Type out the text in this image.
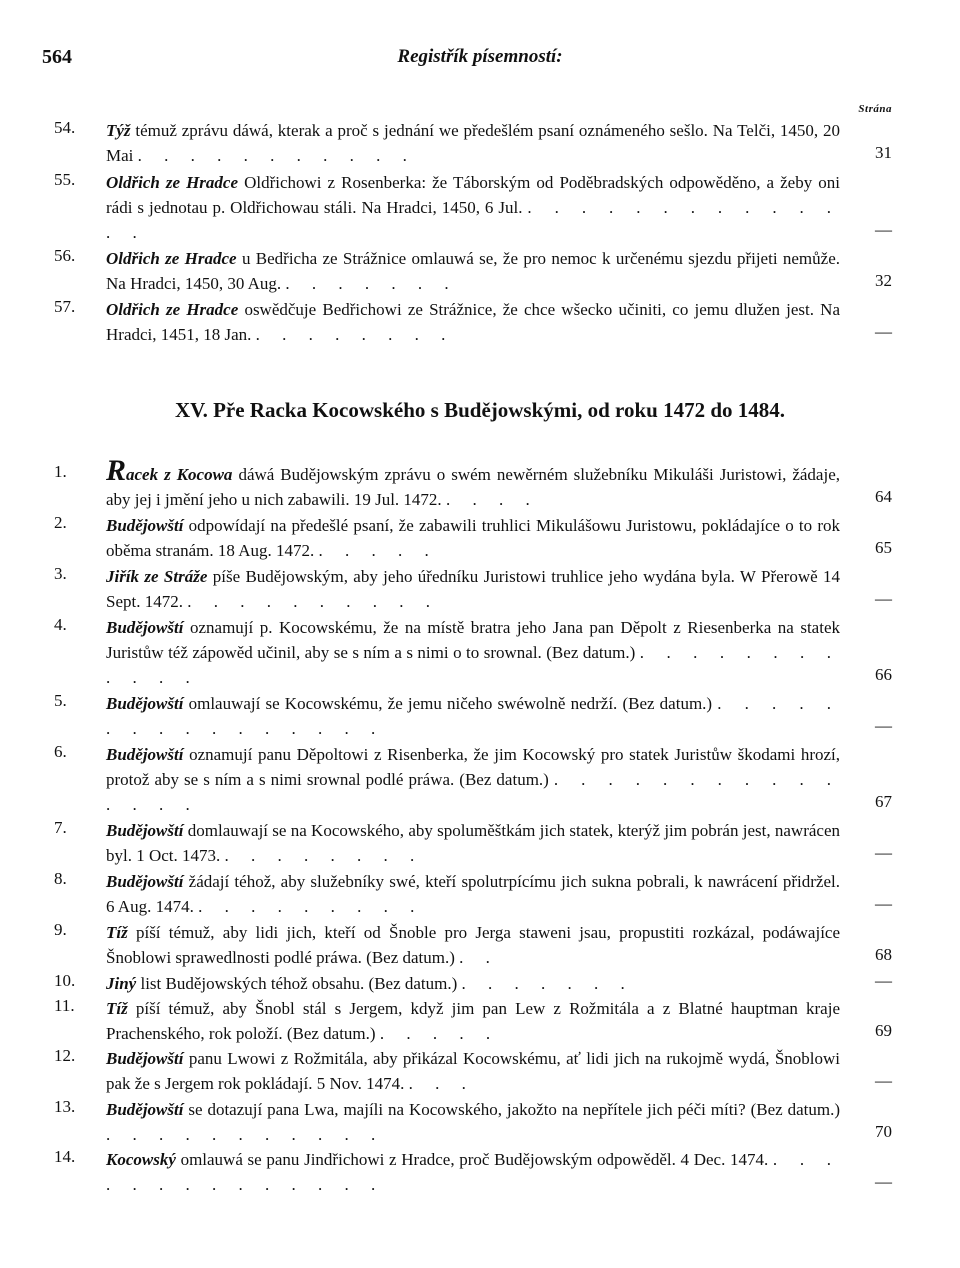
564	Registřík písemností:
Strána
54.	Týž témuž zprávu dáwá, kterak a proč s jednání we předešlém psaní oznámeného sešlo. Na Telči, 1450, 20 Mai . . . . . . . . . . .	31
55.	Oldřich ze Hradce Oldřichowi z Rosenberka: že Táborským od Poděbradských odpowěděno, a žeby oni rádi s jednotau p. Oldřichowau stáli. Na Hradci, 1450, 6 Jul. . . . . . . . . . . . . . .	—
56.	Oldřich ze Hradce u Bedřicha ze Strážnice omlauwá se, že pro nemoc k určenému sjezdu přijeti nemůže. Na Hradci, 1450, 30 Aug. . . . . . . .	32
57.	Oldřich ze Hradce oswědčuje Bedřichowi ze Strážnice, že chce wšecko učiniti, co jemu dlužen jest. Na Hradci, 1451, 18 Jan. . . . . . . . .	—
XV. Pře Racka Kocowského s Budějowskými, od roku 1472 do 1484.
1.	Racek z Kocowa dáwá Budějowským zprávu o swém newěrném služebníku Mikuláši Juristowi, žádaje, aby jej i jmění jeho u nich zabawili. 19 Jul. 1472. . . . .	64
2.	Budějowští odpowídají na předešlé psaní, že zabawili truhlici Mikulášowu Juristowu, pokládajíce o to rok oběma stranám. 18 Aug. 1472. . . . . .	65
3.	Jiřík ze Stráže píše Budějowským, aby jeho úředníku Juristowi truhlice jeho wydána byla. W Přerowě 14 Sept. 1472. . . . . . . . . . .	—
4.	Budějowští oznamují p. Kocowskému, že na místě bratra jeho Jana pan Děpolt z Riesenberka na statek Juristůw též zápowěd učinil, aby se s ním a s nimi o to srownal. (Bez datum.) . . . . . . . . . . . .	66
5.	Budějowští omlauwají se Kocowskému, že jemu ničeho swéwolně nedrží. (Bez datum.) . . . . . . . . . . . . . . . .	—
6.	Budějowští oznamují panu Děpoltowi z Risenberka, že jim Kocowský pro statek Juristůw škodami hrozí, protož aby se s ním a s nimi srownal podlé práwa. (Bez datum.) . . . . . . . . . . . . . . .	67
7.	Budějowští domlauwají se na Kocowského, aby spoluměštkám jich statek, kterýž jim pobrán jest, nawrácen byl. 1 Oct. 1473. . . . . . . . .	—
8.	Budějowští žádají téhož, aby služebníky swé, kteří spolutrpícímu jich sukna pobrali, k nawrácení přidržel. 6 Aug. 1474. . . . . . . . . .	—
9.	Tíž píší témuž, aby lidi jich, kteří od Šnoble pro Jerga staweni jsau, propustiti rozkázal, podáwajíce Šnoblowi sprawedlnosti podlé práwa. (Bez datum.) . .	68
10.	Jiný list Budějowských téhož obsahu. (Bez datum.) . . . . . . .	—
11.	Tíž píší témuž, aby Šnobl stál s Jergem, když jim pan Lew z Rožmitála a z Blatné hauptman kraje Prachenského, rok položí. (Bez datum.) . . . . .	69
12.	Budějowští panu Lwowi z Rožmitála, aby přikázal Kocowskému, ať lidi jich na rukojmě wydá, Šnoblowi pak že s Jergem rok pokládají. 5 Nov. 1474. . . .	—
13.	Budějowští se dotazují pana Lwa, majíli na Kocowského, jakožto na nepřítele jich péči míti? (Bez datum.) . . . . . . . . . . .	70
14.	Kocowský omlauwá se panu Jindřichowi z Hradce, proč Budějowským odpowěděl. 4 Dec. 1474. . . . . . . . . . . . . . .	—
